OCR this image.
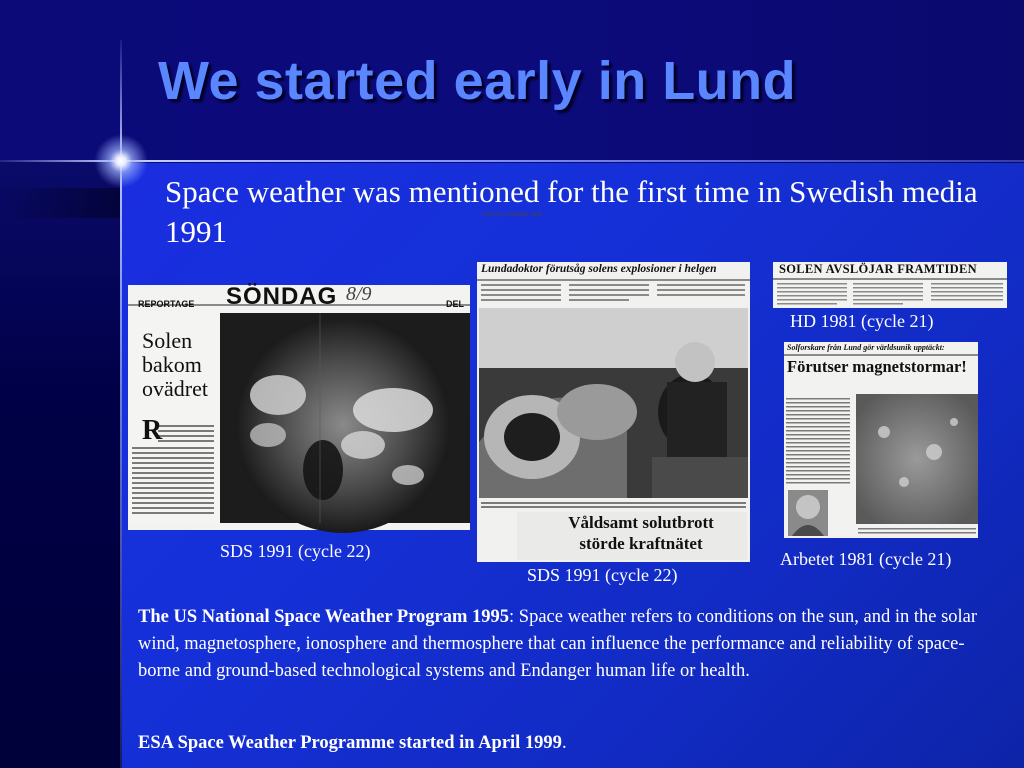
We started early in Lund

Space weather was mentioned for the first time in Swedish media 1991

REPORTAGE SÖNDAG 8/9	DEL
Solen
bakom
ovädret
R
SDS 1991 (cycle 22)
Lundadoktor förutsåg solens explosioner i helgen
Henrik Lundstedt tittar...
Våldsamt solutbrott
störde kraftnätet
SDS 1991 (cycle 22)
SOLEN AVSLÖJAR FRAMTIDEN
HD 1981 (cycle 21)
Solforskare från Lund gör världsunik upptäckt:
Förutser magnetstormar!
Arbetet 1981 (cycle 21)

The US National Space Weather Program 1995: Space weather refers to conditions on the sun, and in the solar wind, magnetosphere, ionosphere and thermosphere that can influence the performance and reliability of space-borne and ground-based technological systems and Endanger human life or health.

ESA Space Weather Programme started in April 1999.
